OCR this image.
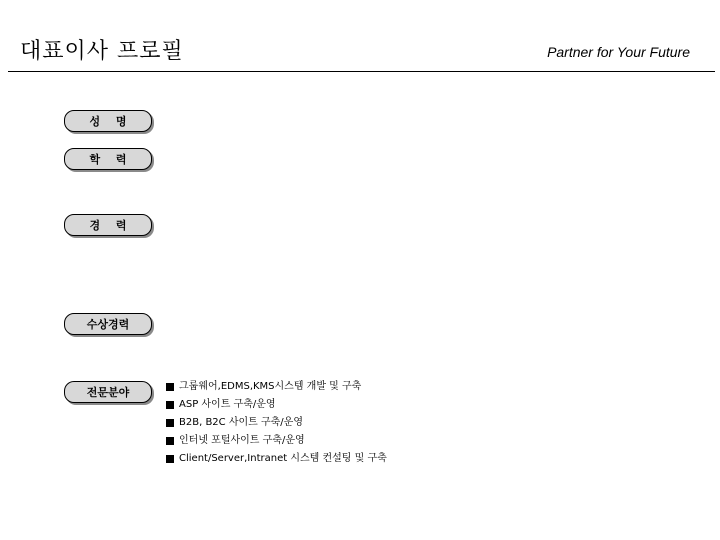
대표이사 프로필	Partner for Your Future
성 명
학 력
경 력
수상경력
전문분야	그룹웨어,EDMS,KMS시스템 개발 및 구축
ASP 사이트 구축/운영
B2B, B2C 사이트 구축/운영
인터넷 포털사이트 구축/운영
Client/Server,Intranet 시스템 컨설팅 및 구축
